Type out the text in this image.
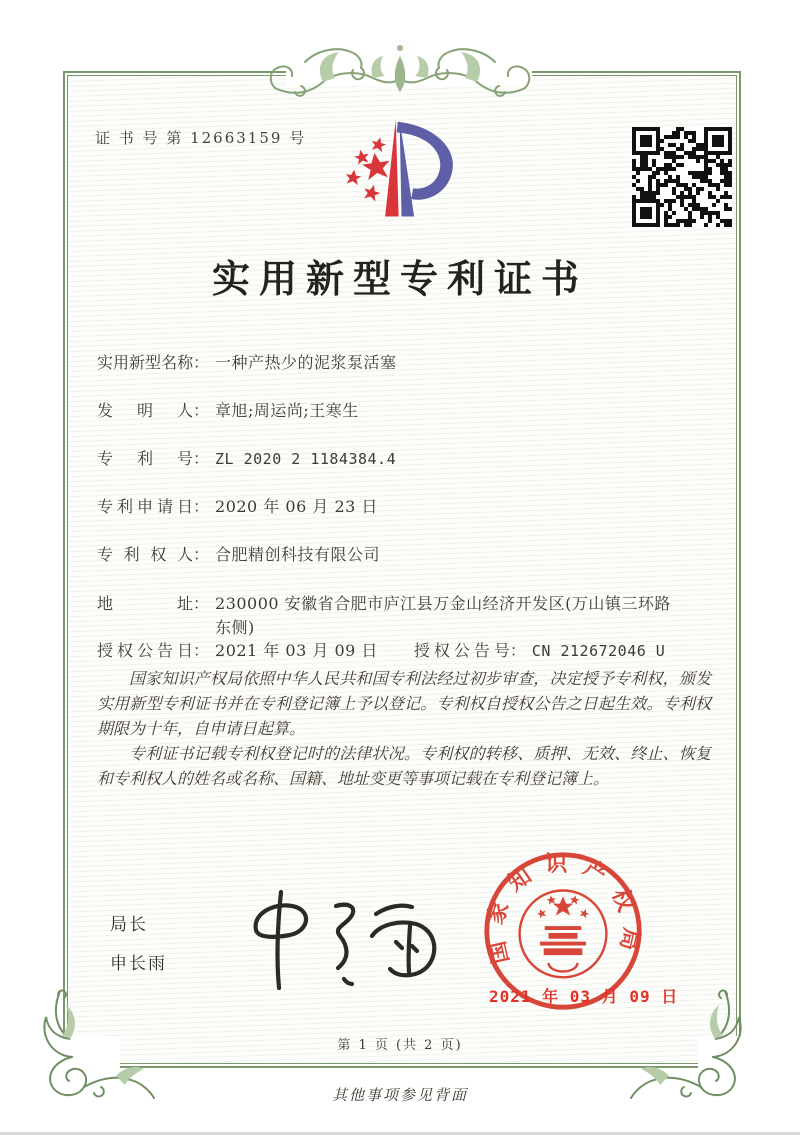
证 书 号 第 12663159 号
实用新型专利证书
实 用 新 型 名 称 ： 一种产热少的泥浆泵活塞
发 明 人 ： 章旭;周运尚;王寒生
专 利 号 ： ZL 2020 2 1184384.4
专 利 申 请 日 ： 2020 年 06 月 23 日
专 利 权 人 ： 合肥精创科技有限公司
地	址 ： 230000 安徽省合肥市庐江县万金山经济开发区(万山镇三环路东侧)
授 权 公 告 日 ： 2021 年 03 月 09 日 授 权 公 告 号 ： CN 212672046 U

国家知识产权局依照中华人民共和国专利法经过初步审查，决定授予专利权，颁发实用新型专利证书并在专利登记簿上予以登记。专利权自授权公告之日起生效。专利权期限为十年，自申请日起算。

专利证书记载专利权登记时的法律状况。专利权的转移、质押、无效、终止、恢复和专利权人的姓名或名称、国籍、地址变更等事项记载在专利登记簿上。

局长
申长雨	国家知识产权局
2021 年 03 月 09 日
第 1 页 (共 2 页)
其他事项参见背面
